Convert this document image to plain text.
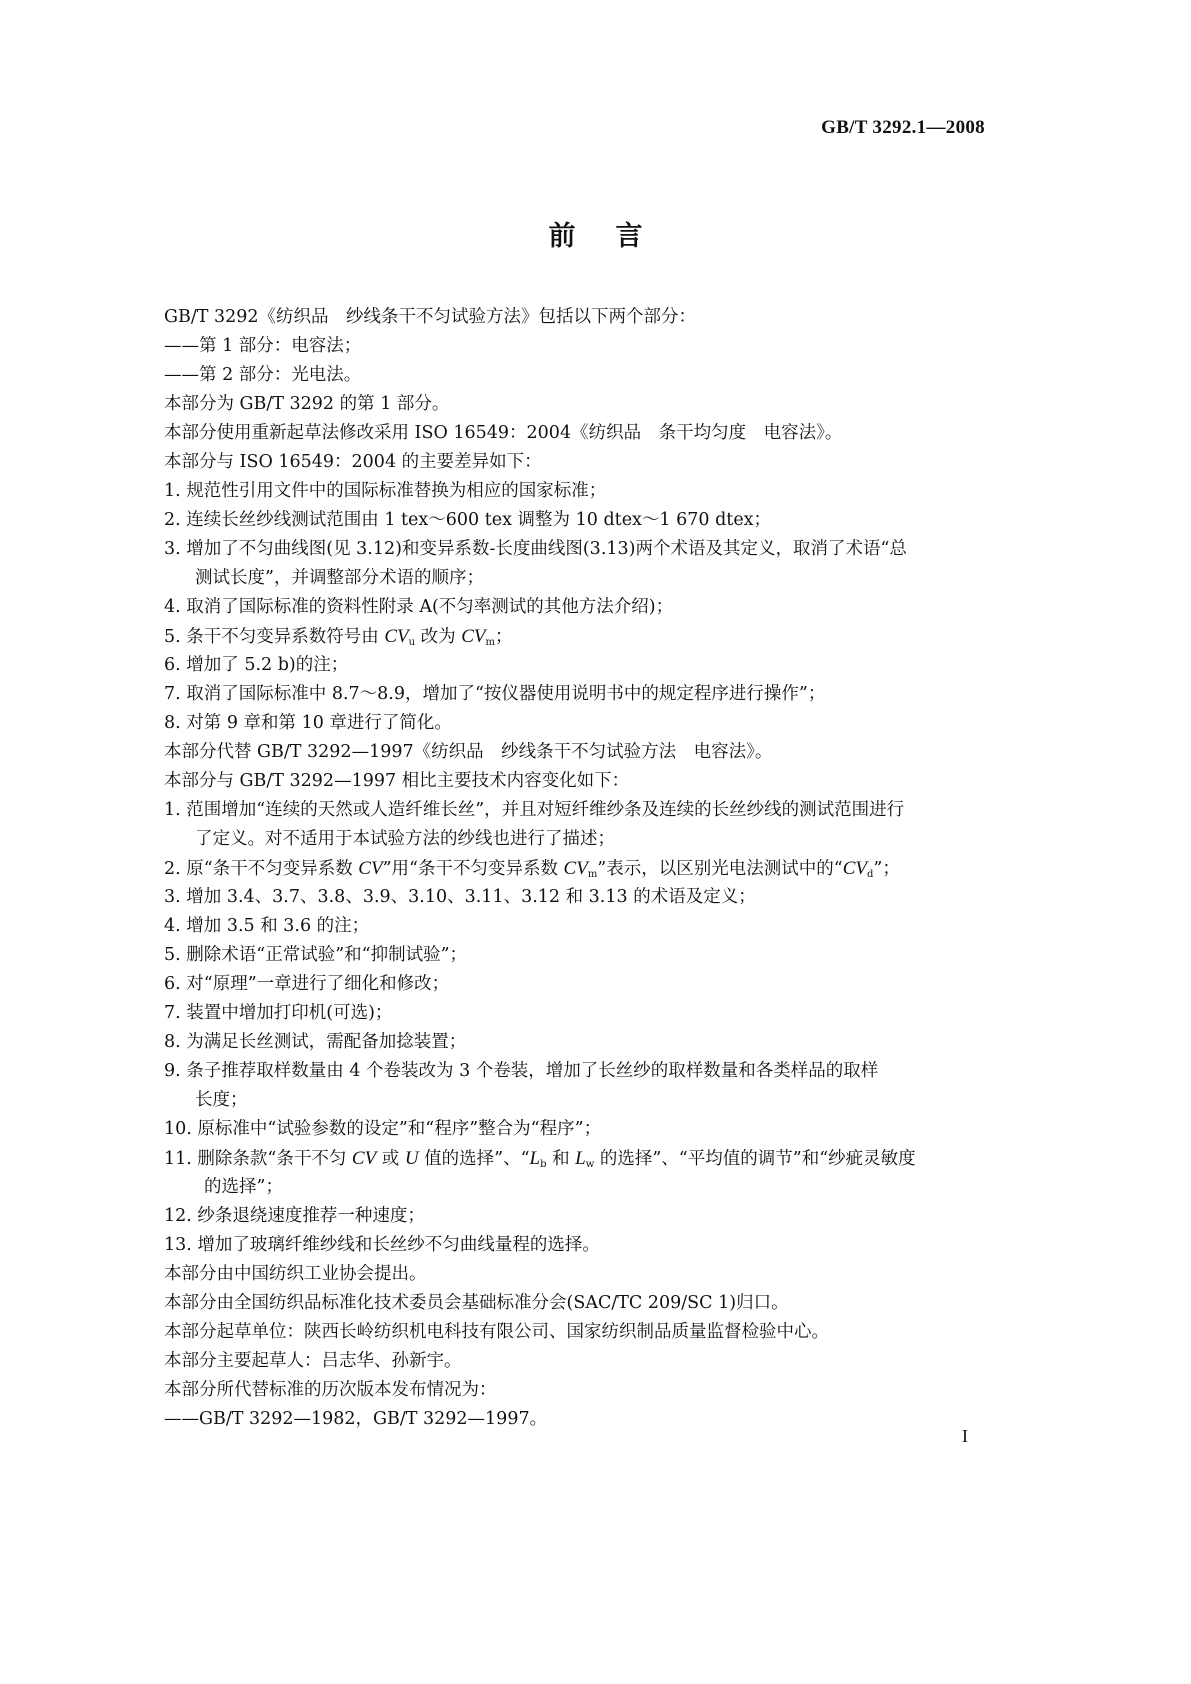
GB/T 3292.1—2008
前言
GB/T 3292《纺织品　纱线条干不匀试验方法》包括以下两个部分：
——第 1 部分：电容法；
——第 2 部分：光电法。
本部分为 GB/T 3292 的第 1 部分。
本部分使用重新起草法修改采用 ISO 16549：2004《纺织品　条干均匀度　电容法》。
本部分与 ISO 16549：2004 的主要差异如下：
1. 规范性引用文件中的国际标准替换为相应的国家标准；
2. 连续长丝纱线测试范围由 1 tex～600 tex 调整为 10 dtex～1 670 dtex；
3. 增加了不匀曲线图(见 3.12)和变异系数-长度曲线图(3.13)两个术语及其定义，取消了术语“总
测试长度”，并调整部分术语的顺序；
4. 取消了国际标准的资料性附录 A(不匀率测试的其他方法介绍)；
5. 条干不匀变异系数符号由 $CV_u$ 改为 $CV_m$；
6. 增加了 5.2 b)的注；
7. 取消了国际标准中 8.7～8.9，增加了“按仪器使用说明书中的规定程序进行操作”；
8. 对第 9 章和第 10 章进行了简化。
本部分代替 GB/T 3292—1997《纺织品　纱线条干不匀试验方法　电容法》。
本部分与 GB/T 3292—1997 相比主要技术内容变化如下：
1. 范围增加“连续的天然或人造纤维长丝”，并且对短纤维纱条及连续的长丝纱线的测试范围进行
了定义。对不适用于本试验方法的纱线也进行了描述；
2. 原“条干不匀变异系数 CV”用“条干不匀变异系数 $CV_m$”表示，以区别光电法测试中的“$CV_d$”；
3. 增加 3.4、3.7、3.8、3.9、3.10、3.11、3.12 和 3.13 的术语及定义；
4. 增加 3.5 和 3.6 的注；
5. 删除术语“正常试验”和“抑制试验”；
6. 对“原理”一章进行了细化和修改；
7. 装置中增加打印机(可选)；
8. 为满足长丝测试，需配备加捻装置；
9. 条子推荐取样数量由 4 个卷装改为 3 个卷装，增加了长丝纱的取样数量和各类样品的取样
长度；
10. 原标准中“试验参数的设定”和“程序”整合为“程序”；
11. 删除条款“条干不匀 CV 或 U 值的选择”、“$L_b$ 和 $L_w$ 的选择”、“平均值的调节”和“纱疵灵敏度
的选择”；
12. 纱条退绕速度推荐一种速度；
13. 增加了玻璃纤维纱线和长丝纱不匀曲线量程的选择。
本部分由中国纺织工业协会提出。
本部分由全国纺织品标准化技术委员会基础标准分会(SAC/TC 209/SC 1)归口。
本部分起草单位：陕西长岭纺织机电科技有限公司、国家纺织制品质量监督检验中心。
本部分主要起草人：吕志华、孙新宇。
本部分所代替标准的历次版本发布情况为：
——GB/T 3292—1982，GB/T 3292—1997。
I
